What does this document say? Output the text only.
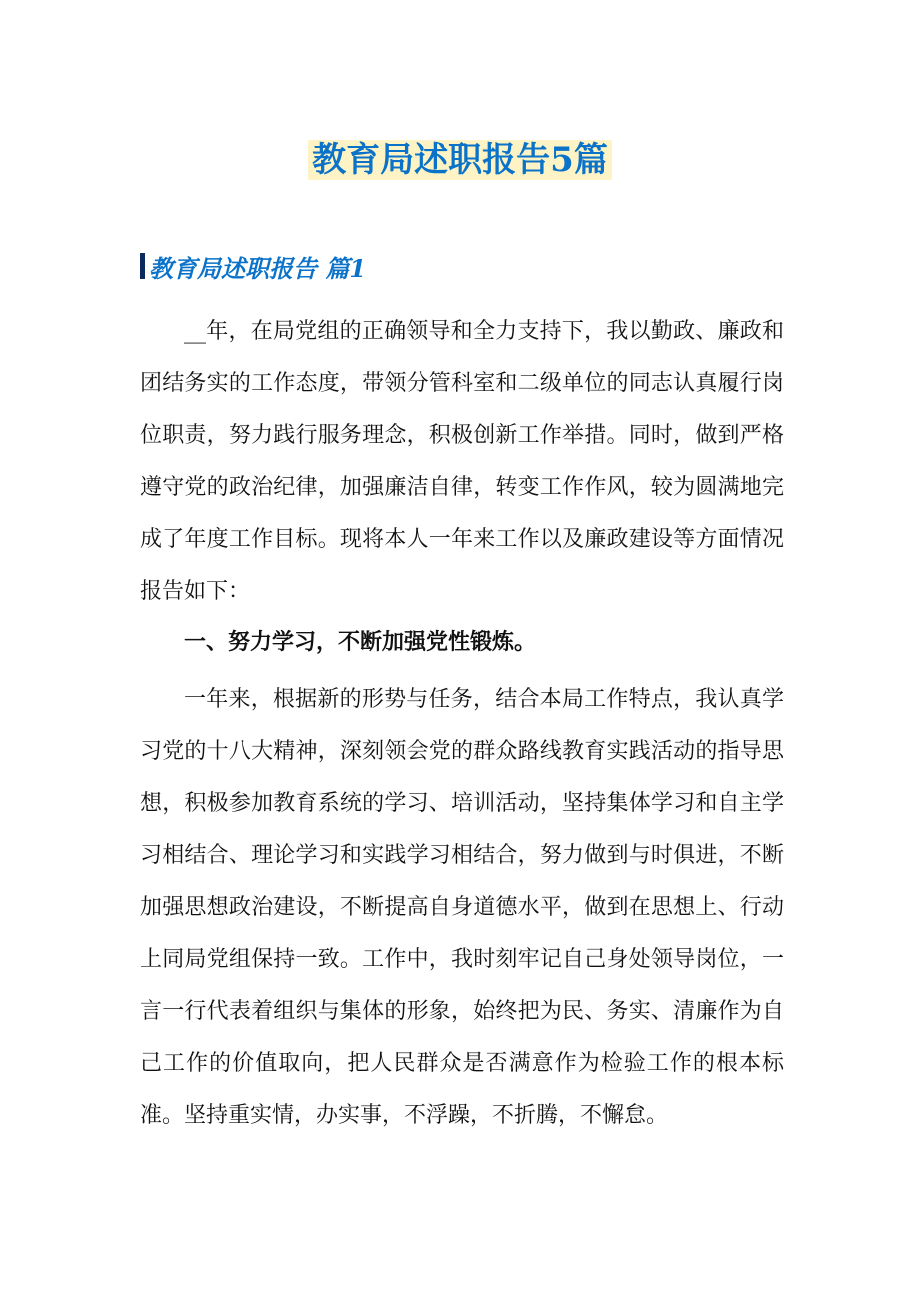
教育局述职报告5篇
教育局述职报告 篇1

__年，在局党组的正确领导和全力支持下，我以勤政、廉政和团结务实的工作态度，带领分管科室和二级单位的同志认真履行岗位职责，努力践行服务理念，积极创新工作举措。同时，做到严格遵守党的政治纪律，加强廉洁自律，转变工作作风，较为圆满地完成了年度工作目标。现将本人一年来工作以及廉政建设等方面情况报告如下：

一、努力学习，不断加强党性锻炼。

一年来，根据新的形势与任务，结合本局工作特点，我认真学习党的十八大精神，深刻领会党的群众路线教育实践活动的指导思想，积极参加教育系统的学习、培训活动，坚持集体学习和自主学习相结合、理论学习和实践学习相结合，努力做到与时俱进，不断加强思想政治建设，不断提高自身道德水平，做到在思想上、行动上同局党组保持一致。工作中，我时刻牢记自己身处领导岗位，一言一行代表着组织与集体的形象，始终把为民、务实、清廉作为自己工作的价值取向，把人民群众是否满意作为检验工作的根本标准。坚持重实情，办实事，不浮躁，不折腾，不懈怠。
